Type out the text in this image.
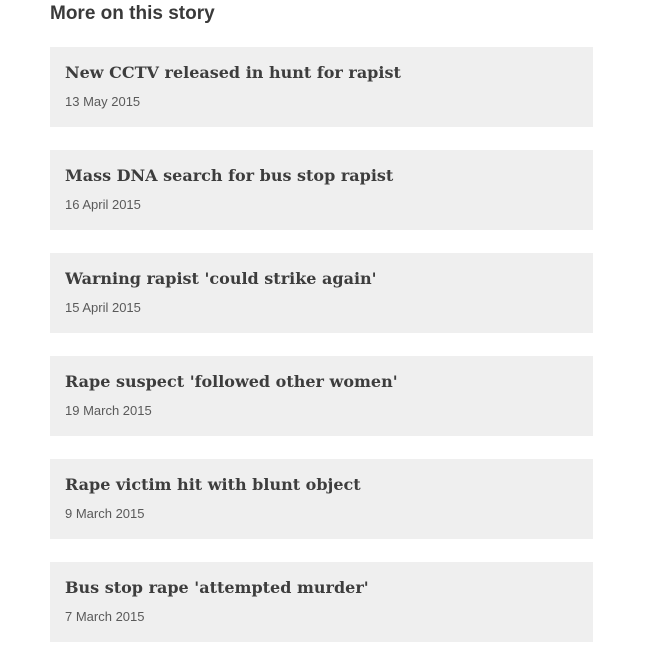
More on this story
New CCTV released in hunt for rapist
13 May 2015
Mass DNA search for bus stop rapist
16 April 2015
Warning rapist 'could strike again'
15 April 2015
Rape suspect 'followed other women'
19 March 2015
Rape victim hit with blunt object
9 March 2015
Bus stop rape 'attempted murder'
7 March 2015
